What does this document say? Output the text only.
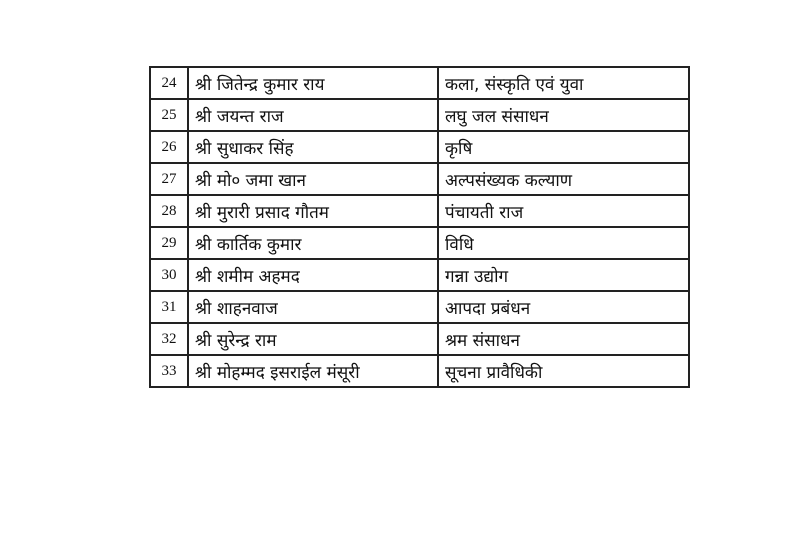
24	श्री जितेन्द्र कुमार राय	कला, संस्कृति एवं युवा
25	श्री जयन्त राज	लघु जल संसाधन
26	श्री सुधाकर सिंह	कृषि
27	श्री मो० जमा खान	अल्पसंख्यक कल्याण
28	श्री मुरारी प्रसाद गौतम	पंचायती राज
29	श्री कार्तिक कुमार	विधि
30	श्री शमीम अहमद	गन्ना उद्योग
31	श्री शाहनवाज	आपदा प्रबंधन
32	श्री सुरेन्द्र राम	श्रम संसाधन
33	श्री मोहम्मद इसराईल मंसूरी	सूचना प्रावैधिकी
